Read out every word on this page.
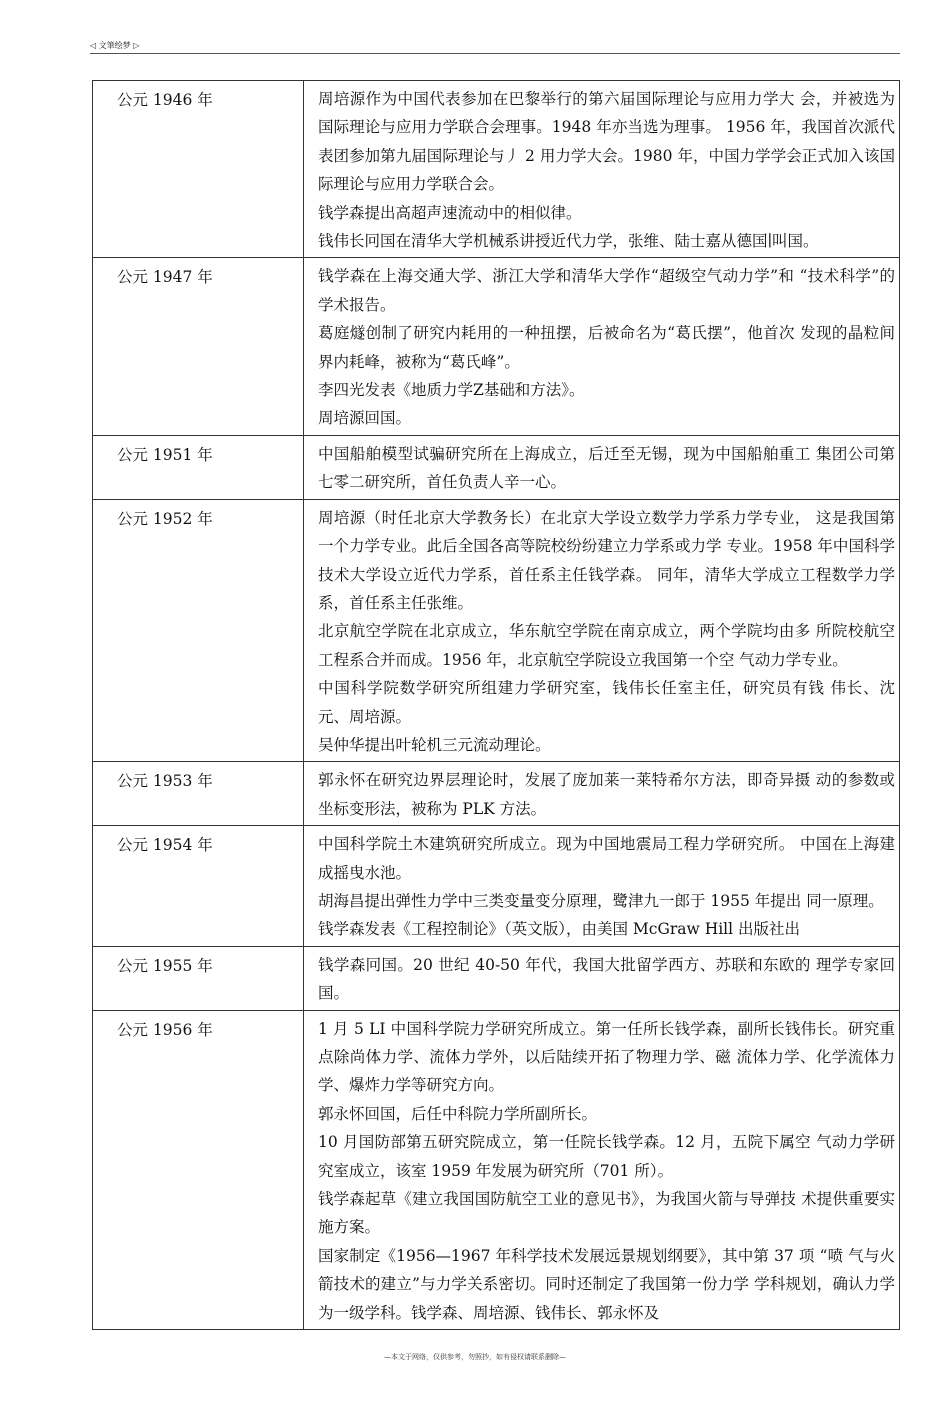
◁ 文筆绘梦 ▷
公元 1946 年	周培源作为中国代表参加在巴黎举行的第六届国际理论与应用力学大 会，并被选为国际理论与应用力学联合会理事。1948 年亦当选为理事。 1956 年，我国首次派代表团参加第九届国际理论与丿 2 用力学大会。1980 年，中国力学学会正式加入该国际理论与应用力学联合会。

钱学森提出高超声速流动中的相似律。

钱伟长冋国在清华大学机械系讲授近代力学，张维、陆士嘉从德国∣叫国。

公元 1947 年	钱学森在上海交通大学、浙江大学和清华大学作“超级空气动力学”和 “技术科学”的学术报告。

葛庭燧创制了研究内耗用的一种扭摆，后被命名为“葛氏摆”，他首次 发现的晶粒间界内耗峰，被称为“葛氏峰”。

李四光发表《地质力学Z基础和方法》。

周培源回国。

公元 1951 年	中国船舶模型试骗研究所在上海成立，后迁至无锡，现为中国船舶重工 集团公司第七零二研究所，首任负责人辛一心。

公元 1952 年	周培源（时任北京大学教务长）在北京大学设立数学力学系力学专业， 这是我国第一个力学专业。此后全国各高等院校纷纷建立力学系或力学 专业。1958 年中国科学技术大学设立近代力学系，首任系主任钱学森。 同年，清华大学成立工程数学力学系，首任系主任张维。

北京航空学院在北京成立，华东航空学院在南京成立，两个学院均由多 所院校航空工程系合并而成。1956 年，北京航空学院设立我国第一个空 气动力学专业。

中国科学院数学研究所组建力学研究室，钱伟长任室主任，研究员有钱 伟长、沈元、周培源。

吴仲华提出叶轮机三元流动理论。

公元 1953 年	郭永怀在研究边界层理论时，发展了庞加莱一莱特希尔方法，即奇异摄 动的参数或坐标变形法，被称为 PLK 方法。

公元 1954 年	中国科学院土木建筑研究所成立。现为中国地震局工程力学研究所。 中国在上海建成摇曳水池。

胡海昌提出弹性力学中三类变量变分原理，鹭津九一郎于 1955 年提出 同一原理。

钱学森发表《工程控制论》（英文版），由美国 McGraw Hill 出版社出

公元 1955 年	钱学森冋国。20 世纪 40-50 年代，我国大批留学西方、苏联和东欧的 理学专家回国。

公元 1956 年	1 月 5 LI 中国科学院力学研究所成立。第一任所长钱学森，副所长钱伟长。研究重点除尚体力学、流体力学外，以后陆续开拓了物理力学、磁 流体力学、化学流体力学、爆炸力学等研究方向。

郭永怀回国，后任中科院力学所副所长。

10 月国防部第五研究院成立，第一任院长钱学森。12 月，五院下属空 气动力学研究室成立，该室 1959 年发展为研究所（701 所）。

钱学森起草《建立我国国防航空工业的意见书》，为我国火箭与导弹技 术提供重要实施方案。

国家制定《1956—1967 年科学技术发展远景规划纲要》，其中第 37 项 “喷 气与火箭技术的建立”与力学关系密切。同时还制定了我国第一份力学 学科规划，确认力学为一级学科。钱学森、周培源、钱伟长、郭永怀及

—本文于网络，仅供参考，勿照抄，如有侵权请联系删除—
